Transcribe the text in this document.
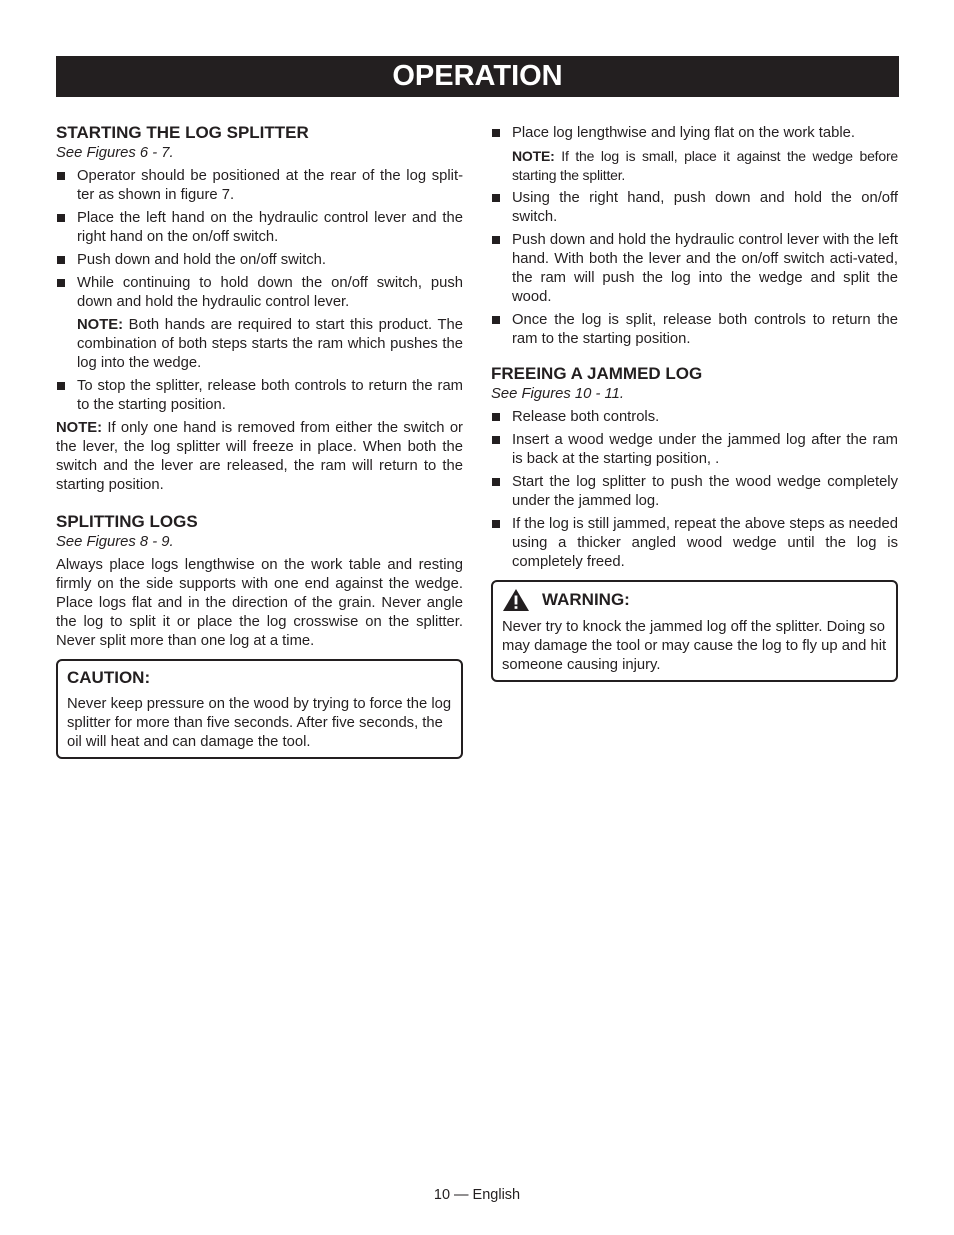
OPERATION
STARTING THE LOG SPLITTER
See Figures 6 - 7.
Operator should be positioned at the rear of the log split-ter as shown in figure 7.
Place the left hand on the hydraulic control lever and the right hand on the on/off switch.
Push down and hold the on/off switch.
While continuing to hold down the on/off switch, push down and hold the hydraulic control lever.
NOTE: Both hands are required to start this product. The combination of both steps starts the ram which pushes the log into the wedge.
To stop the splitter, release both controls to return the ram to the starting position.

NOTE: If only one hand is removed from either the switch or the lever, the log splitter will freeze in place. When both the switch and the lever are released, the ram will return to the starting position.

SPLITTING LOGS
See Figures 8 - 9.

Always place logs lengthwise on the work table and resting firmly on the side supports with one end against the wedge. Place logs flat and in the direction of the grain. Never angle the log to split it or place the log crosswise on the splitter. Never split more than one log at a time.

CAUTION:

Never keep pressure on the wood by trying to force the log splitter for more than five seconds. After five seconds, the oil will heat and can damage the tool.

Place log lengthwise and lying flat on the work table.
NOTE: If the log is small, place it against the wedge before starting the splitter.
Using the right hand, push down and hold the on/off switch.
Push down and hold the hydraulic control lever with the left hand. With both the lever and the on/off switch acti-vated, the ram will push the log into the wedge and split the wood.
Once the log is split, release both controls to return the ram to the starting position.
FREEING A JAMMED LOG
See Figures 10 - 11.
Release both controls.
Insert a wood wedge under the jammed log after the ram is back at the starting position, .
Start the log splitter to push the wood wedge completely under the jammed log.
If the log is still jammed, repeat the above steps as needed using a thicker angled wood wedge until the log is completely freed.
WARNING:

Never try to knock the jammed log off the splitter. Doing so may damage the tool or may cause the log to fly up and hit someone causing injury.

10 — English
